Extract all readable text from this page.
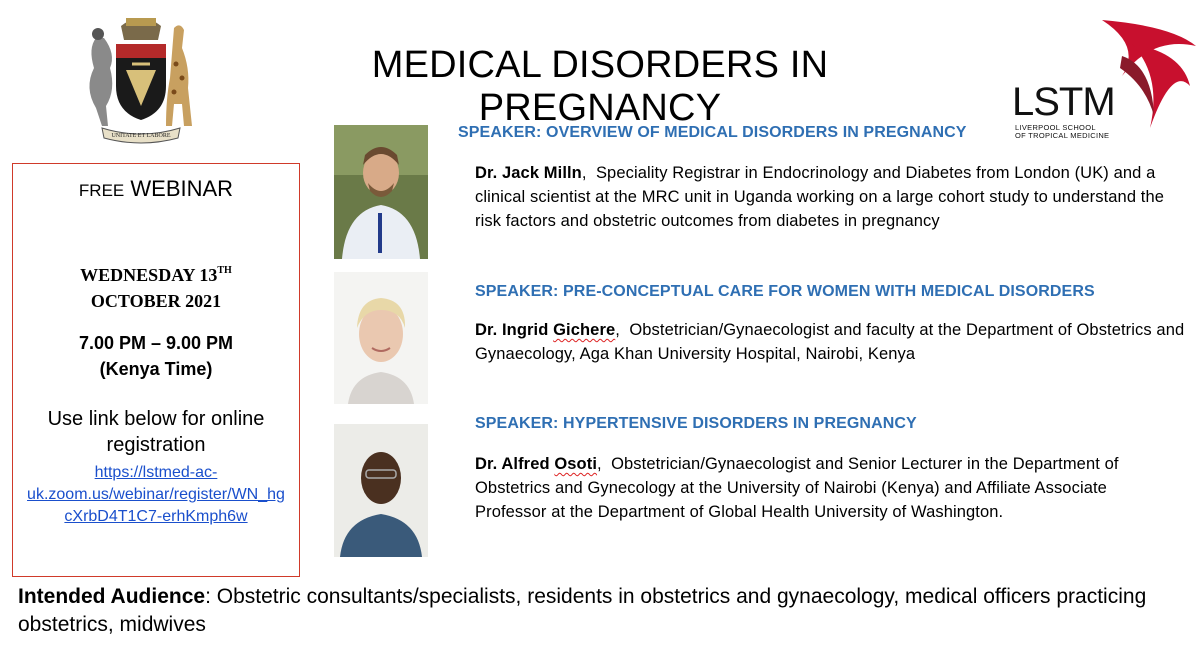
MEDICAL DISORDERS IN PREGNANCY
UNITATE ET LABORE
LSTM
LIVERPOOL SCHOOL
OF TROPICAL MEDICINE
FREE WEBINAR
WEDNESDAY 13TH
OCTOBER 2021
7.00 PM – 9.00 PM
(Kenya Time)
Use link below for online registration
https://lstmed-ac-
uk.zoom.us/webinar/register/WN_hg
cXrbD4T1C7-erhKmph6w
SPEAKER: OVERVIEW OF MEDICAL DISORDERS IN PREGNANCY
Dr. Jack Milln,  Speciality Registrar in Endocrinology and Diabetes from London (UK) and a clinical scientist at the MRC unit in Uganda working on a large cohort study to understand the risk factors and obstetric outcomes from diabetes in pregnancy
SPEAKER: PRE-CONCEPTUAL CARE FOR WOMEN WITH MEDICAL DISORDERS
Dr. Ingrid Gichere,  Obstetrician/Gynaecologist and faculty at the Department of Obstetrics and Gynaecology, Aga Khan University Hospital, Nairobi, Kenya
SPEAKER: HYPERTENSIVE DISORDERS IN PREGNANCY
Dr. Alfred Osoti,  Obstetrician/Gynaecologist and Senior Lecturer in the Department of Obstetrics and Gynecology at the University of Nairobi (Kenya) and Affiliate Associate Professor at the Department of Global Health University of Washington.
Intended Audience: Obstetric consultants/specialists, residents in obstetrics and gynaecology, medical officers practicing obstetrics, midwives
